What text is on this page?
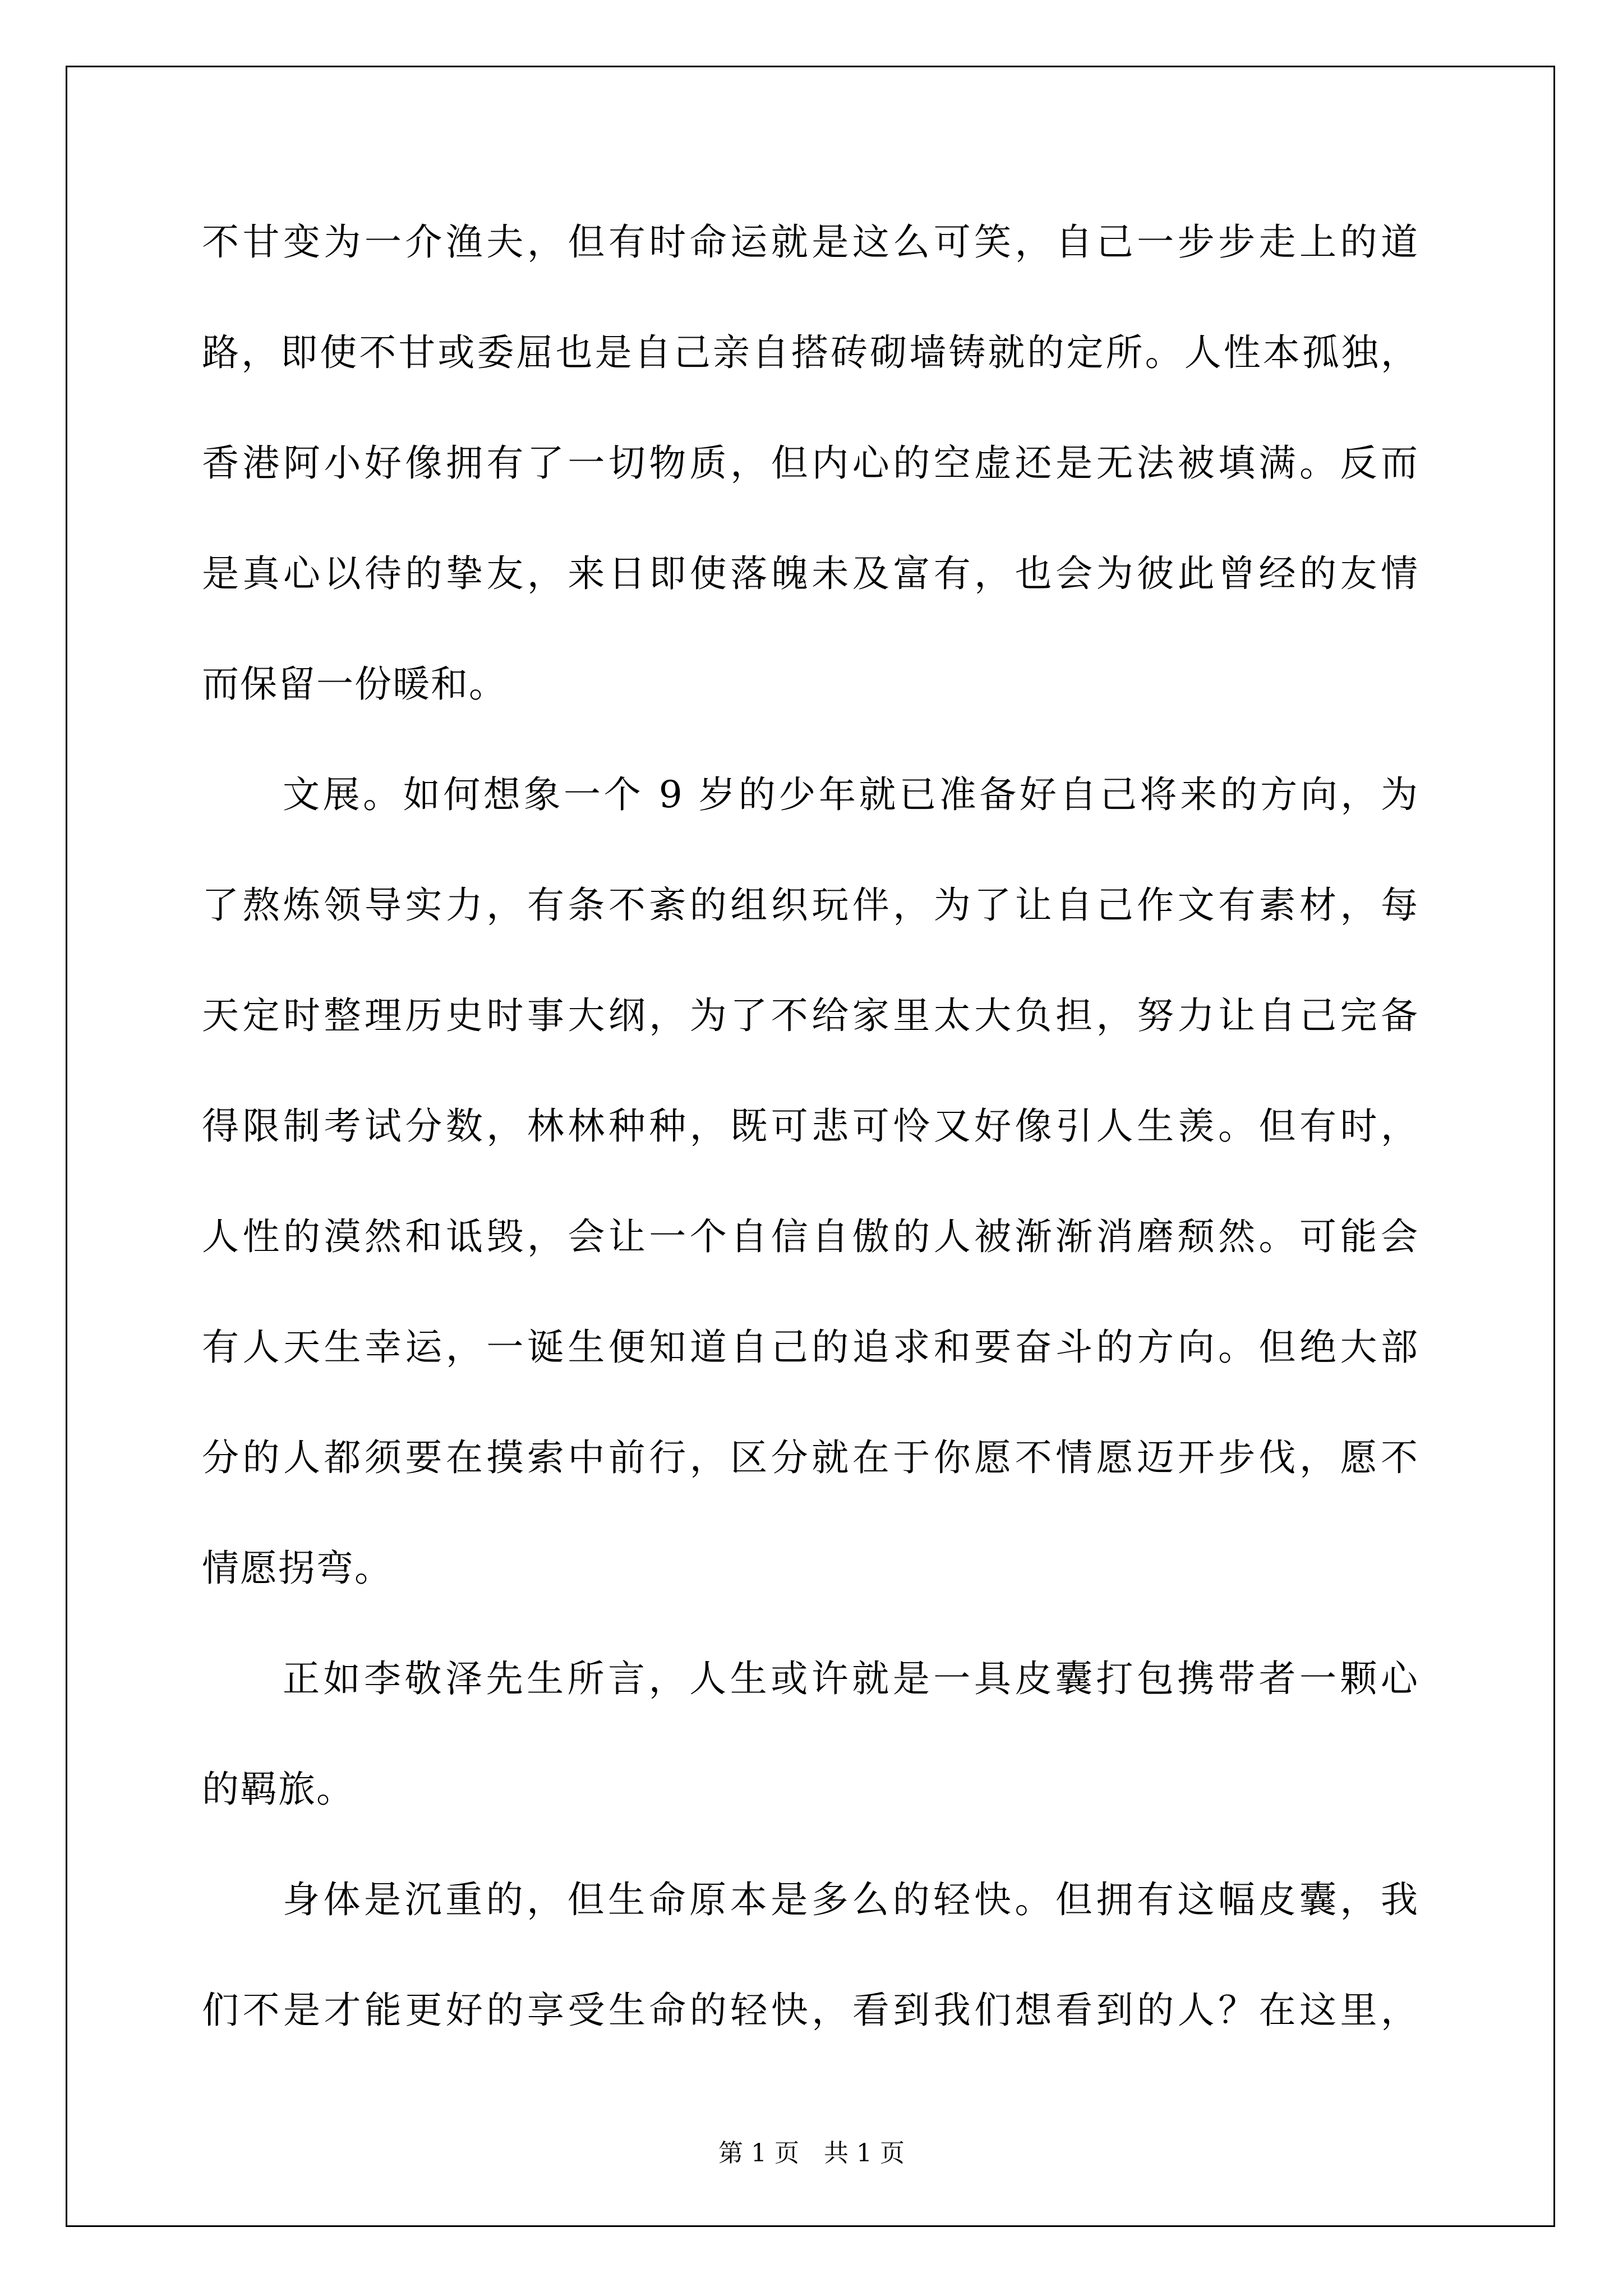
不甘变为一介渔夫，但有时命运就是这么可笑，自己一步步走上的道
路，即使不甘或委屈也是自己亲自搭砖砌墙铸就的定所。人性本孤独，
香港阿小好像拥有了一切物质，但内心的空虚还是无法被填满。反而
是真心以待的挚友，来日即使落魄未及富有，也会为彼此曾经的友情
而保留一份暖和。
文展。如何想象一个 9 岁的少年就已准备好自己将来的方向，为
了熬炼领导实力，有条不紊的组织玩伴，为了让自己作文有素材，每
天定时整理历史时事大纲，为了不给家里太大负担，努力让自己完备
得限制考试分数，林林种种，既可悲可怜又好像引人生羡。但有时，
人性的漠然和诋毁，会让一个自信自傲的人被渐渐消磨颓然。可能会
有人天生幸运，一诞生便知道自己的追求和要奋斗的方向。但绝大部
分的人都须要在摸索中前行，区分就在于你愿不情愿迈开步伐，愿不
情愿拐弯。
正如李敬泽先生所言，人生或许就是一具皮囊打包携带者一颗心
的羁旅。
身体是沉重的，但生命原本是多么的轻快。但拥有这幅皮囊，我
们不是才能更好的享受生命的轻快，看到我们想看到的人？在这里，
第 1 页　共 1 页
